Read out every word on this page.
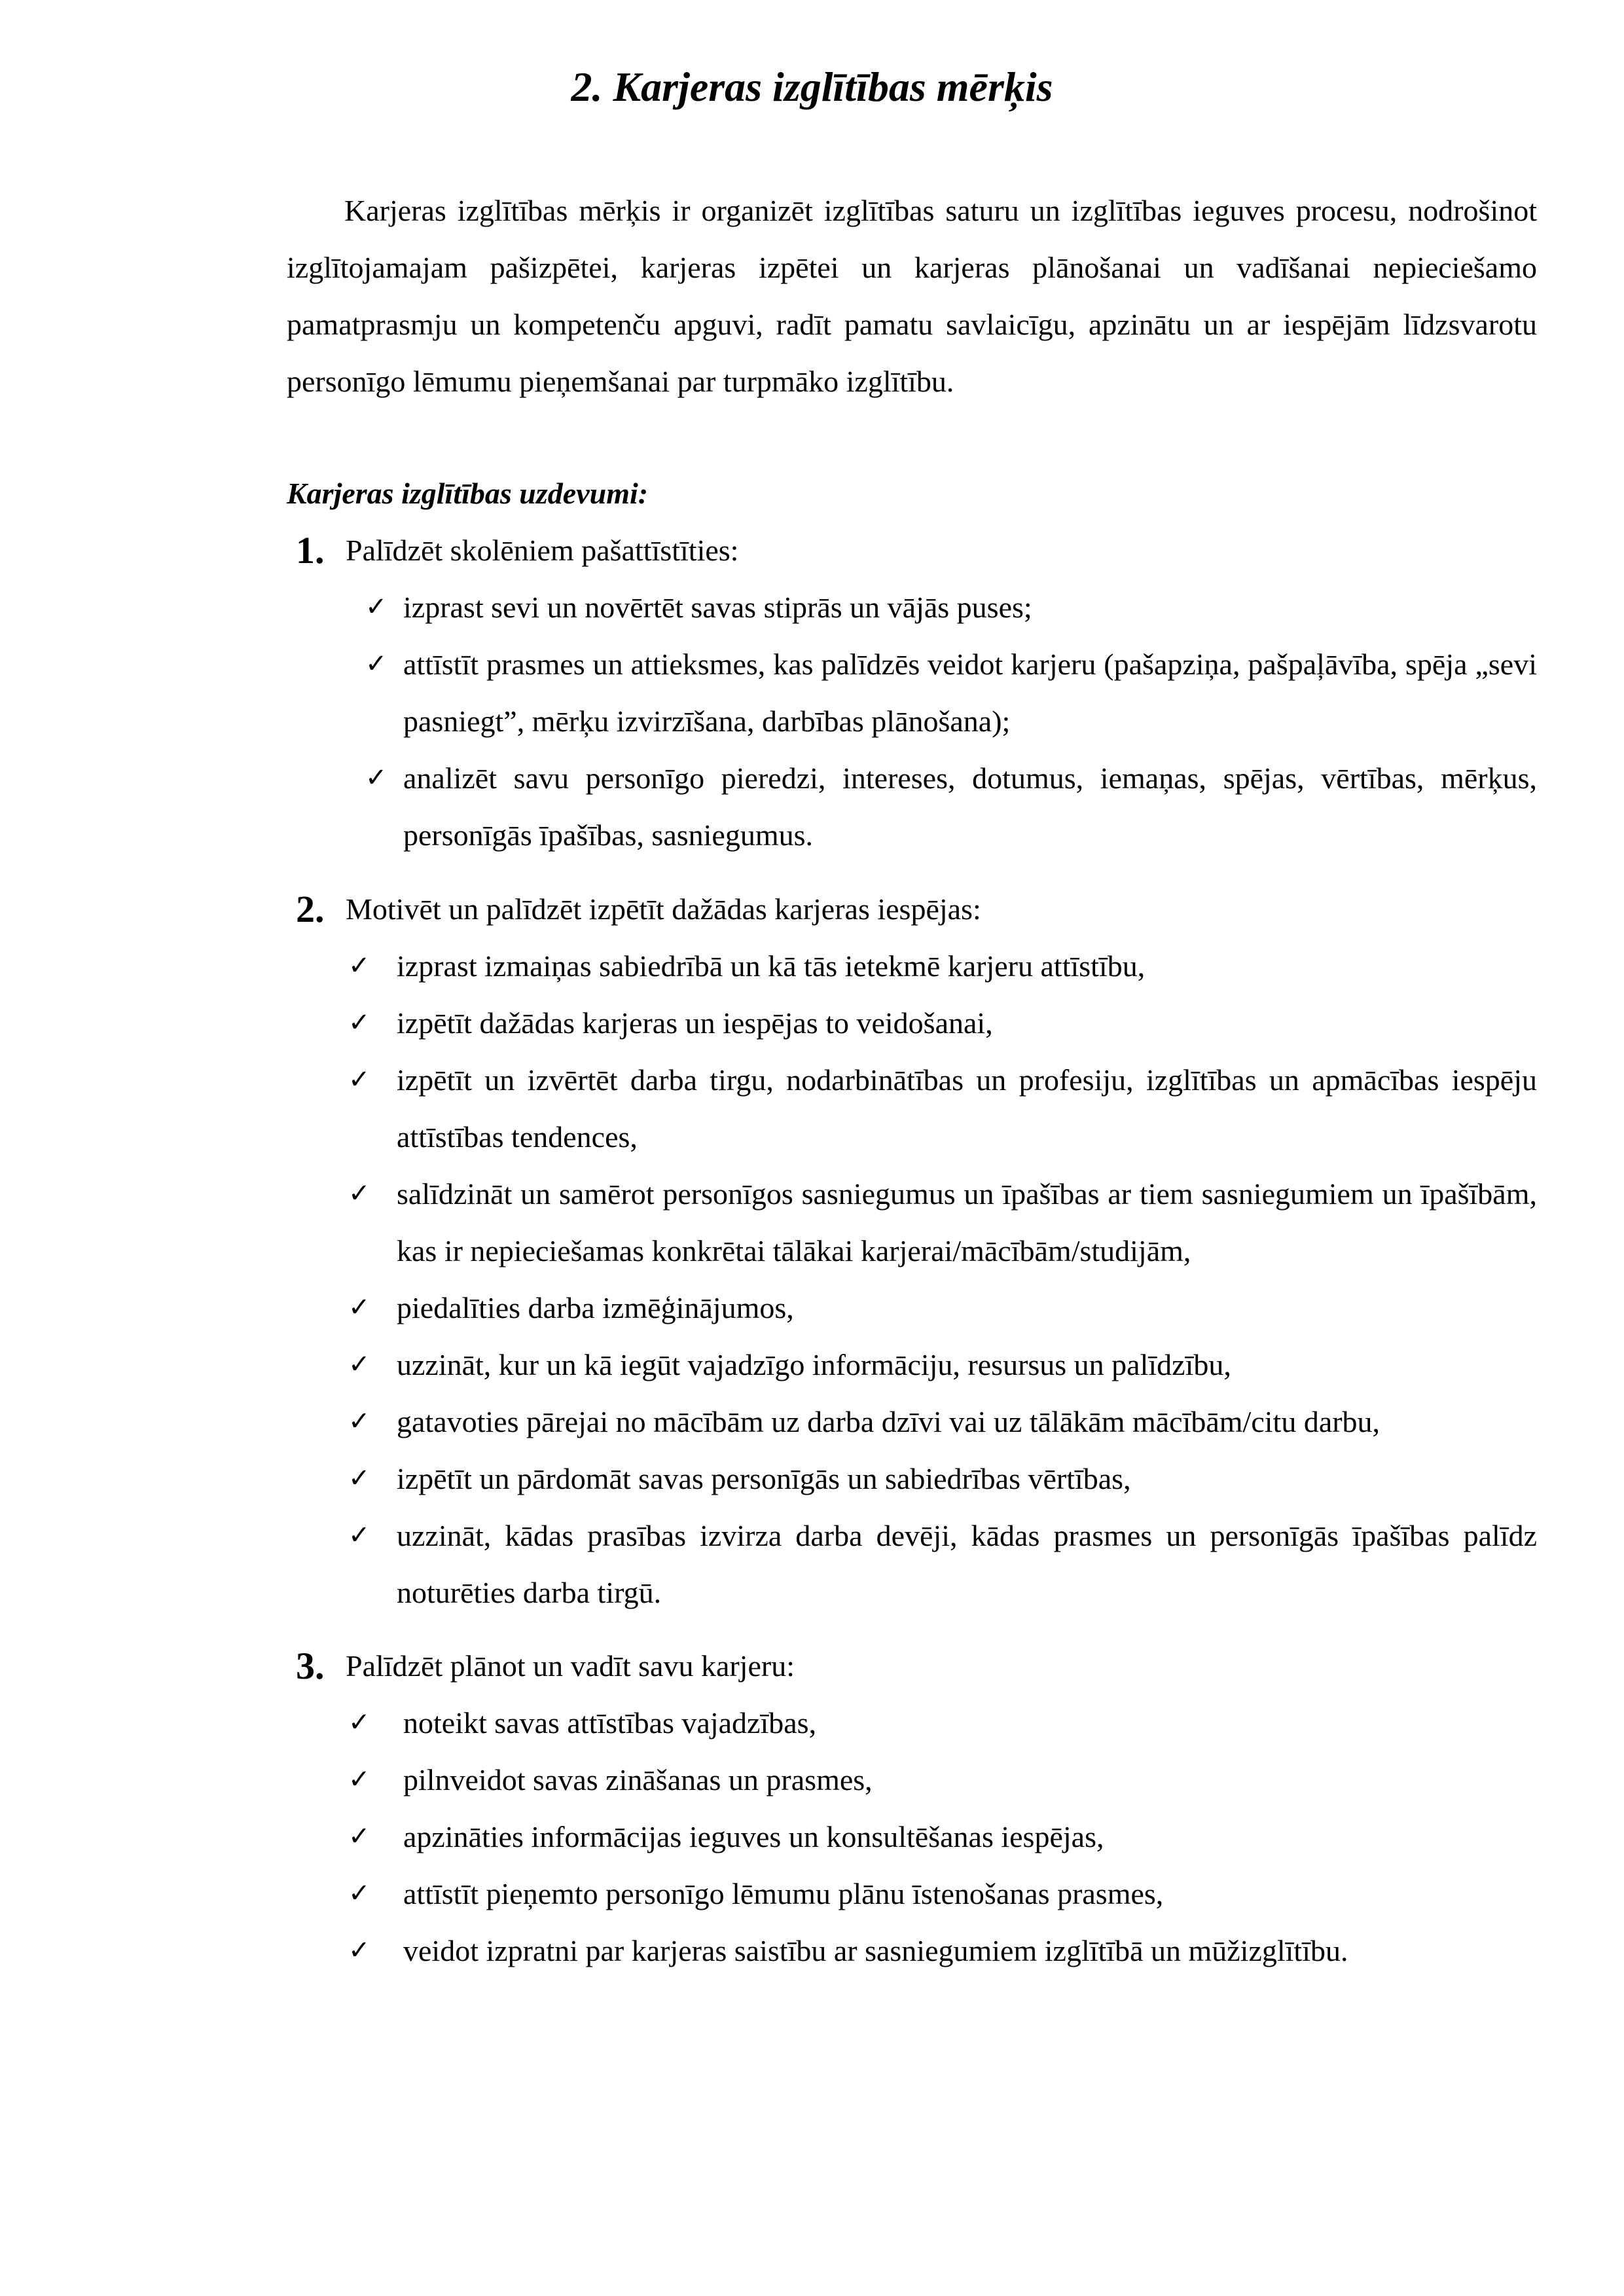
2. Karjeras izglītības mērķis

Karjeras izglītības mērķis ir organizēt izglītības saturu un izglītības ieguves procesu, nodrošinot izglītojamajam pašizpētei, karjeras izpētei un karjeras plānošanai un vadīšanai nepieciešamo pamatprasmju un kompetenču apguvi, radīt pamatu savlaicīgu, apzinātu un ar iespējām līdzsvarotu personīgo lēmumu pieņemšanai par turpmāko izglītību.

Karjeras izglītības uzdevumi:
1. Palīdzēt skolēniem pašattīstīties:
✓ izprast sevi un novērtēt savas stiprās un vājās puses;
✓ attīstīt prasmes un attieksmes, kas palīdzēs veidot karjeru (pašapziņa, pašpaļāvība, spēja „sevi pasniegt”, mērķu izvirzīšana, darbības plānošana);
✓ analizēt savu personīgo pieredzi, intereses, dotumus, iemaņas, spējas, vērtības, mērķus, personīgās īpašības, sasniegumus.
2. Motivēt un palīdzēt izpētīt dažādas karjeras iespējas:
✓ izprast izmaiņas sabiedrībā un kā tās ietekmē karjeru attīstību,
✓ izpētīt dažādas karjeras un iespējas to veidošanai,
✓ izpētīt un izvērtēt darba tirgu, nodarbinātības un profesiju, izglītības un apmācības iespēju attīstības tendences,
✓ salīdzināt un samērot personīgos sasniegumus un īpašības ar tiem sasniegumiem un īpašībām, kas ir nepieciešamas konkrētai tālākai karjerai/mācībām/studijām,
✓ piedalīties darba izmēģinājumos,
✓ uzzināt, kur un kā iegūt vajadzīgo informāciju, resursus un palīdzību,
✓ gatavoties pārejai no mācībām uz darba dzīvi vai uz tālākām mācībām/citu darbu,
✓ izpētīt un pārdomāt savas personīgās un sabiedrības vērtības,
✓ uzzināt, kādas prasības izvirza darba devēji, kādas prasmes un personīgās īpašības palīdz noturēties darba tirgū.
3. Palīdzēt plānot un vadīt savu karjeru:
✓ noteikt savas attīstības vajadzības,
✓ pilnveidot savas zināšanas un prasmes,
✓ apzināties informācijas ieguves un konsultēšanas iespējas,
✓ attīstīt pieņemto personīgo lēmumu plānu īstenošanas prasmes,
✓ veidot izpratni par karjeras saistību ar sasniegumiem izglītībā un mūžizglītību.
